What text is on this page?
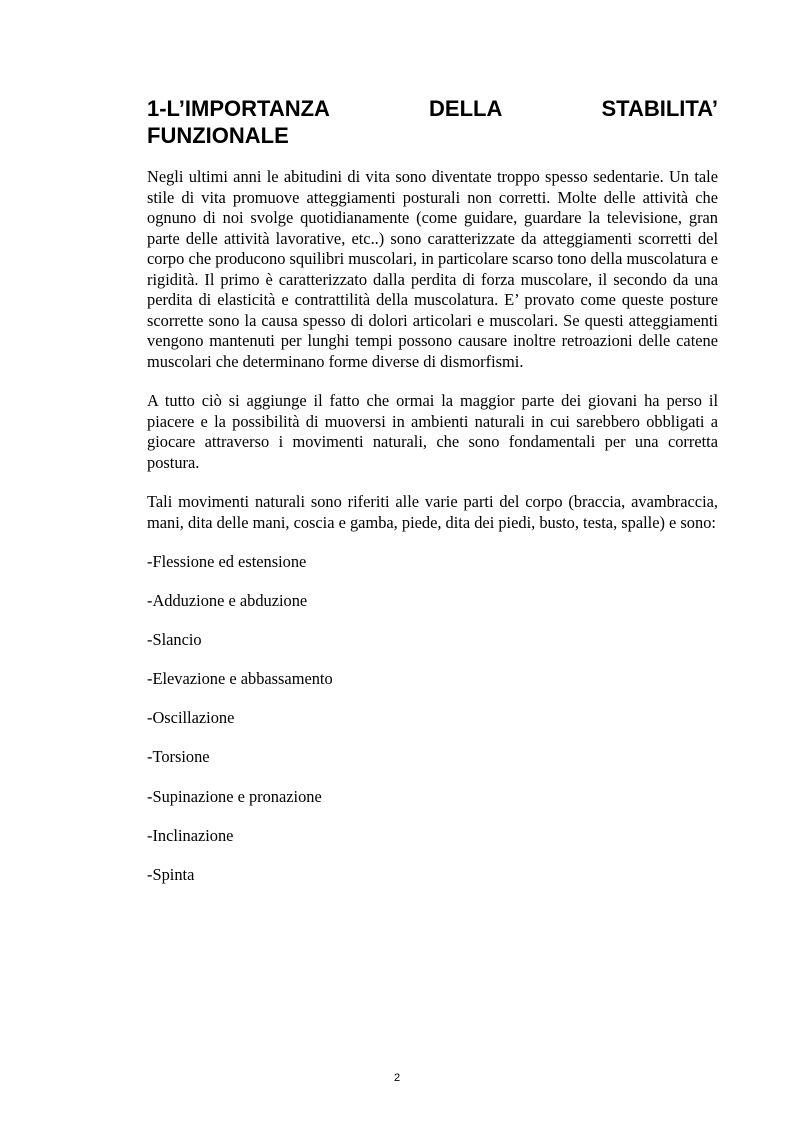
1-L’IMPORTANZA	DELLA	STABILITA’
FUNZIONALE

Negli ultimi anni le abitudini di vita sono diventate troppo spesso sedentarie. Un tale stile di vita promuove atteggiamenti posturali non corretti. Molte delle attività che ognuno di noi svolge quotidianamente (come guidare, guardare la televisione, gran parte delle attività lavorative, etc..) sono caratterizzate da atteggiamenti scorretti del corpo che producono squilibri muscolari, in particolare scarso tono della muscolatura e rigidità. Il primo è caratterizzato dalla perdita di forza muscolare, il secondo da una perdita di elasticità e contrattilità della muscolatura. E’ provato come queste posture scorrette sono la causa spesso di dolori articolari e muscolari. Se questi atteggiamenti vengono mantenuti per lunghi tempi possono causare inoltre retroazioni delle catene muscolari che determinano forme diverse di dismorfismi.

A tutto ciò si aggiunge il fatto che ormai la maggior parte dei giovani ha perso il piacere e la possibilità di muoversi in ambienti naturali in cui sarebbero obbligati a giocare attraverso i movimenti naturali, che sono fondamentali per una corretta postura.

Tali movimenti naturali sono riferiti alle varie parti del corpo (braccia, avambraccia, mani, dita delle mani, coscia e gamba, piede, dita dei piedi, busto, testa, spalle) e sono:

-Flessione ed estensione
-Adduzione e abduzione
-Slancio
-Elevazione e abbassamento
-Oscillazione
-Torsione
-Supinazione e pronazione
-Inclinazione
-Spinta
2
